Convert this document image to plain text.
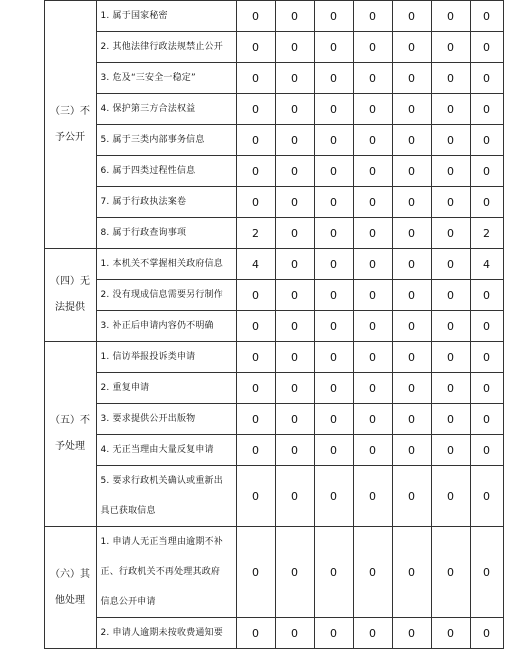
	（三）不
予公开	1. 属于国家秘密	0	0	0	0	0	0	0
		2. 其他法律行政法规禁止公开	0	0	0	0	0	0	0
		3. 危及“三安全一稳定”	0	0	0	0	0	0	0
		4. 保护第三方合法权益	0	0	0	0	0	0	0
		5. 属于三类内部事务信息	0	0	0	0	0	0	0
		6. 属于四类过程性信息	0	0	0	0	0	0	0
		7. 属于行政执法案卷	0	0	0	0	0	0	0
		8. 属于行政查询事项	2	0	0	0	0	0	2

	（四）无
法提供	1. 本机关不掌握相关政府信息	4	0	0	0	0	0	4
		2. 没有现成信息需要另行制作	0	0	0	0	0	0	0
		3. 补正后申请内容仍不明确	0	0	0	0	0	0	0

	（五）不
予处理	1. 信访举报投诉类申请	0	0	0	0	0	0	0
		2. 重复申请	0	0	0	0	0	0	0
		3. 要求提供公开出版物	0	0	0	0	0	0	0
		4. 无正当理由大量反复申请	0	0	0	0	0	0	0

		5. 要求行政机关确认或重新出
具已获取信息	0	0	0	0	0	0	0

	（六）其
他处理	1. 申请人无正当理由逾期不补
正、行政机关不再处理其政府
信息公开申请	0	0	0	0	0	0	0
		2. 申请人逾期未按收费通知要	0	0	0	0	0	0	0
